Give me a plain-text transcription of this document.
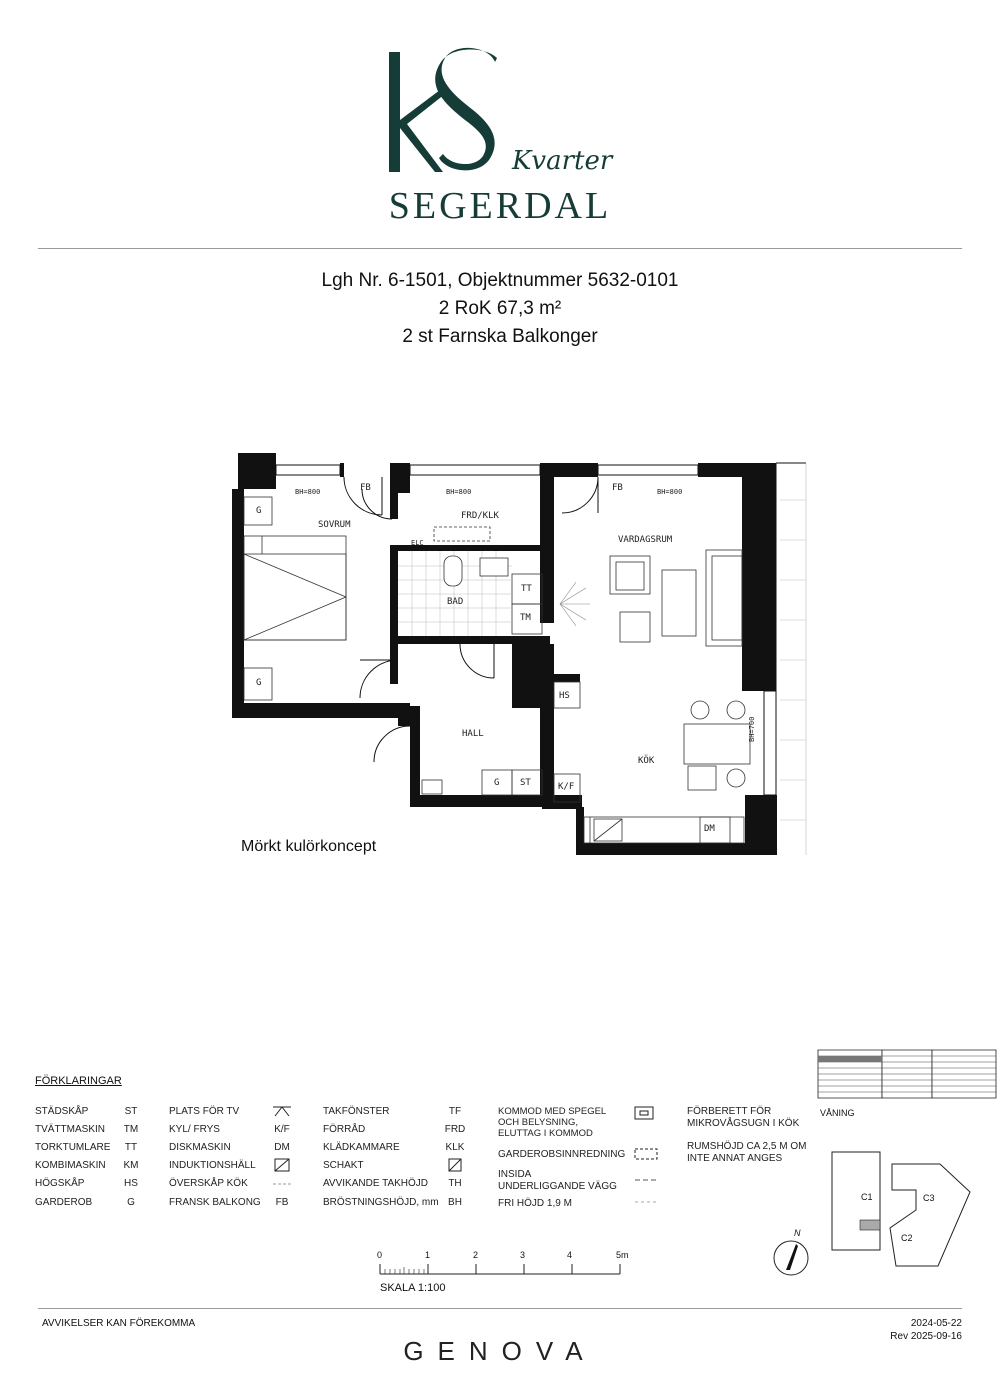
Kvarter
SEGERDAL
Lgh Nr. 6-1501, Objektnummer 5632-0101
2 RoK 67,3 m²
2 st Farnska Balkonger
SOVRUM
FRD/KLK
VARDAGSRUM
BAD
HALL
KÖK
FB	FB
BH=800	BH=800	BH=800
BH=700
G
G
G
ELC
TT
TM
HS
ST	K/F
DM
Mörkt kulörkoncept
FÖRKLARINGAR
STÄDSKÅP	ST
TVÄTTMASKIN	TM
TORKTUMLARE	TT
KOMBIMASKIN	KM
HÖGSKÅP	HS
GARDEROB	G
PLATS FÖR TV
KYL/ FRYS	K/F
DISKMASKIN	DM
INDUKTIONSHÄLL
ÖVERSKÅP KÖK
FRANSK BALKONG	FB
TAKFÖNSTER	TF
FÖRRÅD	FRD
KLÄDKAMMARE	KLK
SCHAKT
AVVIKANDE TAKHÖJD	TH
BRÖSTNINGSHÖJD, mm BH
KOMMOD MED SPEGEL OCH BELYSNING, ELUTTAG I KOMMOD
GARDEROBSINNREDNING
INSIDA UNDERLIGGANDE VÄGG
FRI HÖJD 1,9 M
FÖRBERETT FÖR MIKROVÅGSUGN I KÖK
RUMSHÖJD CA 2,5 M OM INTE ANNAT ANGES
0	1	2	3	4	5m
SKALA 1:100
VÅNING
C1	C3
C2
N
AVVIKELSER KAN FÖREKOMMA	2024-05-22
Rev 2025-09-16
GENOVA
